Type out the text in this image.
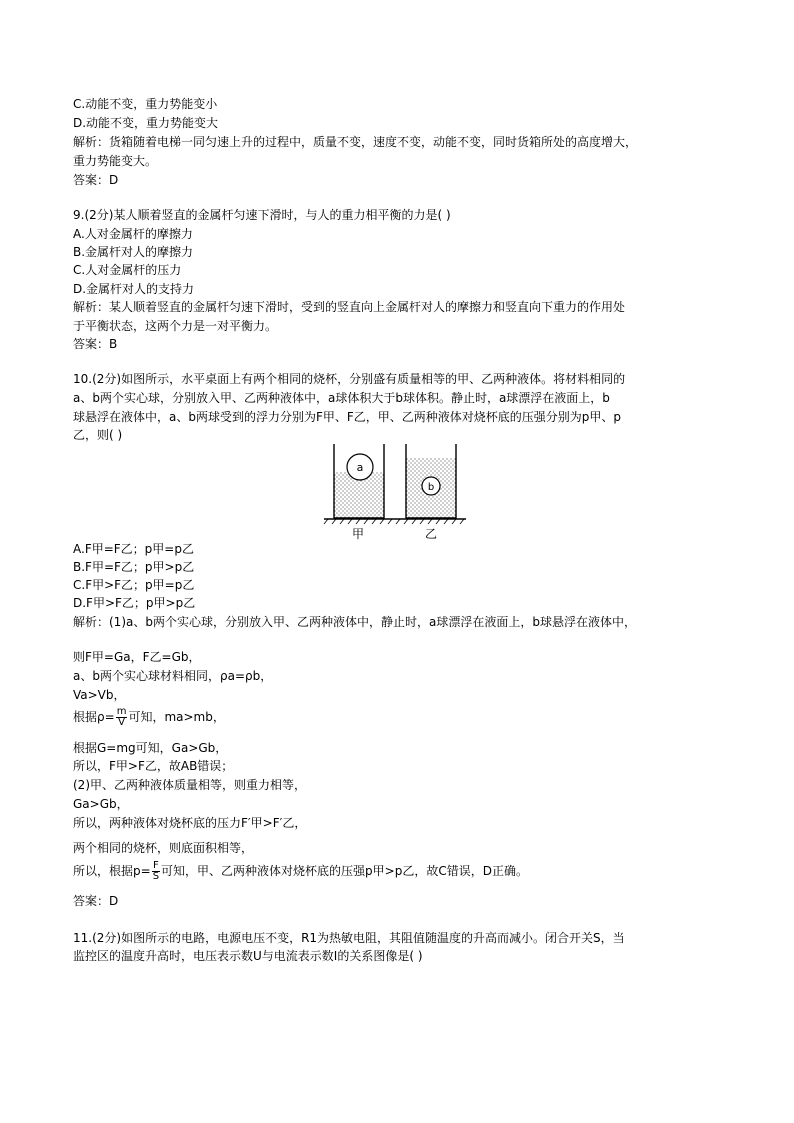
C.动能不变，重力势能变小
D.动能不变，重力势能变大
解析：货箱随着电梯一同匀速上升的过程中，质量不变，速度不变，动能不变，同时货箱所处的高度增大，
重力势能变大。
答案：D
9.(2分)某人顺着竖直的金属杆匀速下滑时，与人的重力相平衡的力是( )
A.人对金属杆的摩擦力
B.金属杆对人的摩擦力
C.人对金属杆的压力
D.金属杆对人的支持力
解析：某人顺着竖直的金属杆匀速下滑时，受到的竖直向上金属杆对人的摩擦力和竖直向下重力的作用处
于平衡状态，这两个力是一对平衡力。
答案：B
10.(2分)如图所示，水平桌面上有两个相同的烧杯，分别盛有质量相等的甲、乙两种液体。将材料相同的
a、b两个实心球，分别放入甲、乙两种液体中，a球体积大于b球体积。静止时，a球漂浮在液面上，b
球悬浮在液体中，a、b两球受到的浮力分别为F甲、F乙，甲、乙两种液体对烧杯底的压强分别为p甲、p
乙，则( )
a
b
甲	乙
A.F甲=F乙；p甲=p乙
B.F甲=F乙；p甲>p乙
C.F甲>F乙；p甲=p乙
D.F甲>F乙；p甲>p乙
解析：(1)a、b两个实心球，分别放入甲、乙两种液体中，静止时，a球漂浮在液面上，b球悬浮在液体中，
则F甲=Ga，F乙=Gb，
a、b两个实心球材料相同，ρa=ρb，
Va>Vb，
根据$\rho= \frac{m}{V}$ 可知，ma>mb，
根据G=mg可知，Ga>Gb，
所以，F甲>F乙，故AB错误；
(2)甲、乙两种液体质量相等，则重力相等，
Ga>Gb，
所以，两种液体对烧杯底的压力F′甲>F′乙，
两个相同的烧杯，则底面积相等，
所以，根据$p= \frac{F}{S}$ 可知，甲、乙两种液体对烧杯底的压强p甲>p乙，故C错误，D正确。
答案：D
11.(2分)如图所示的电路，电源电压不变，R1为热敏电阻，其阻值随温度的升高而减小。闭合开关S，当
监控区的温度升高时，电压表示数U与电流表示数I的关系图像是( )
